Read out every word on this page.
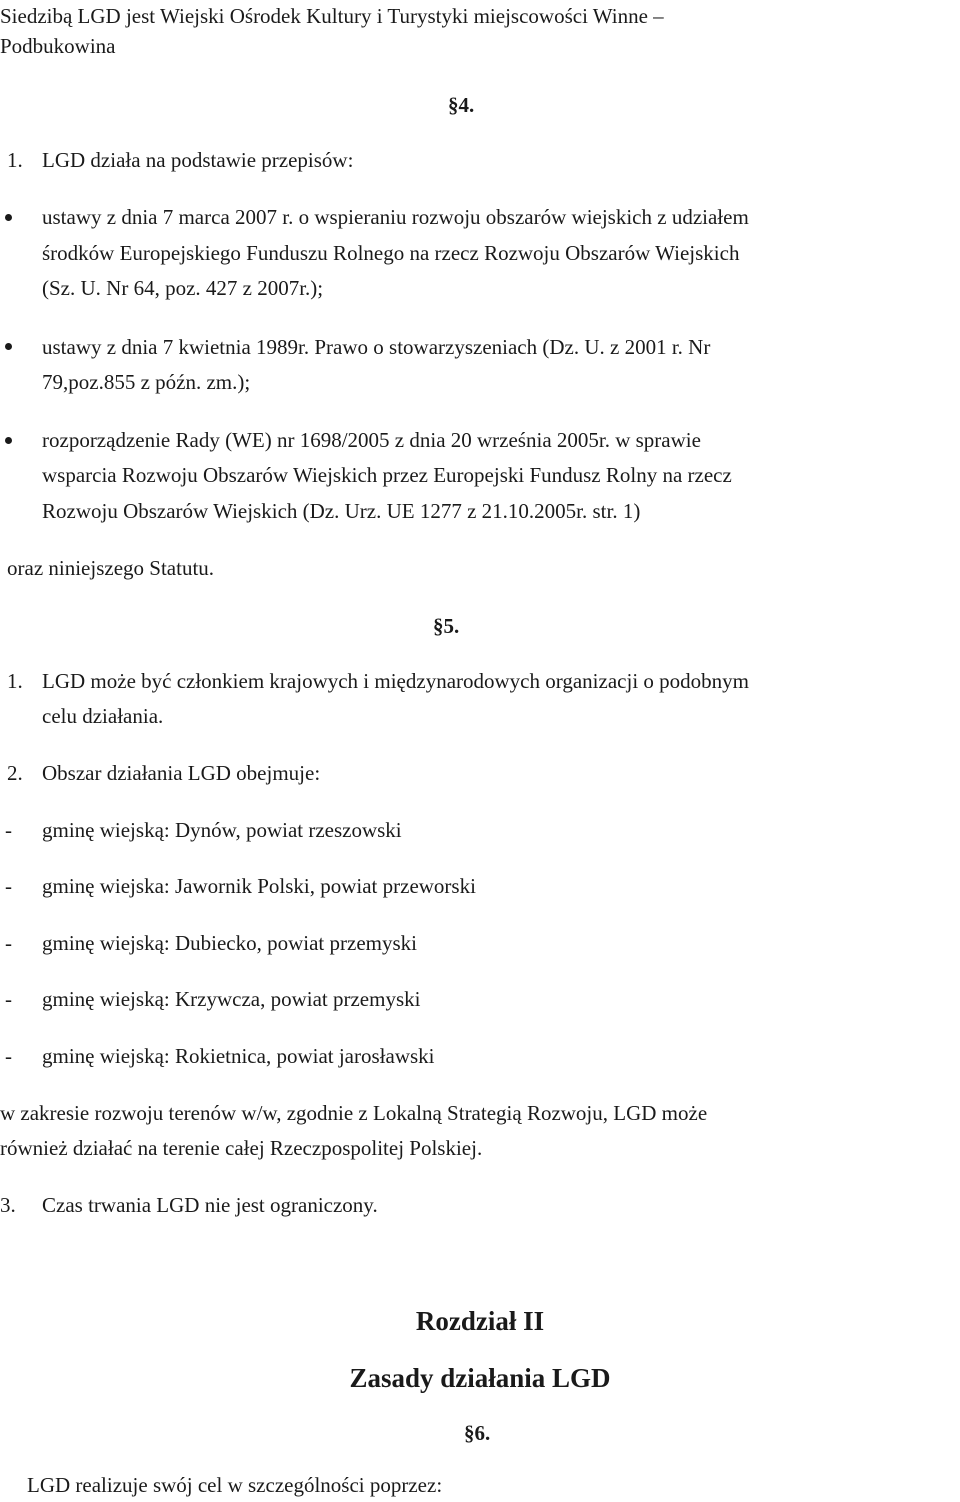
Siedzibą LGD jest Wiejski Ośrodek Kultury i Turystyki miejscowości Winne –
Podbukowina
§4.
1. LGD działa na podstawie przepisów:
ustawy z dnia 7 marca 2007 r. o wspieraniu rozwoju obszarów wiejskich z udziałem
środków Europejskiego Funduszu Rolnego na rzecz Rozwoju Obszarów Wiejskich
(Sz. U. Nr 64, poz. 427 z 2007r.);
ustawy z dnia 7 kwietnia 1989r. Prawo o stowarzyszeniach (Dz. U. z 2001 r. Nr
79,poz.855 z późn. zm.);
rozporządzenie Rady (WE) nr 1698/2005 z dnia 20 września 2005r. w sprawie
wsparcia Rozwoju Obszarów Wiejskich przez Europejski Fundusz Rolny na rzecz
Rozwoju Obszarów Wiejskich (Dz. Urz. UE 1277 z 21.10.2005r. str. 1)
oraz niniejszego Statutu.
§5.
1. LGD może być członkiem krajowych i międzynarodowych organizacji o podobnym
celu działania.
2. Obszar działania LGD obejmuje:
- gminę wiejską: Dynów, powiat rzeszowski
- gminę wiejska: Jawornik Polski, powiat przeworski
- gminę wiejską: Dubiecko, powiat przemyski
- gminę wiejską: Krzywcza, powiat przemyski
- gminę wiejską: Rokietnica, powiat jarosławski
w zakresie rozwoju terenów w/w, zgodnie z Lokalną Strategią Rozwoju, LGD może
również działać na terenie całej Rzeczpospolitej Polskiej.
3. Czas trwania LGD nie jest ograniczony.
Rozdział II
Zasady działania LGD
§6.
LGD realizuje swój cel w szczególności poprzez:
